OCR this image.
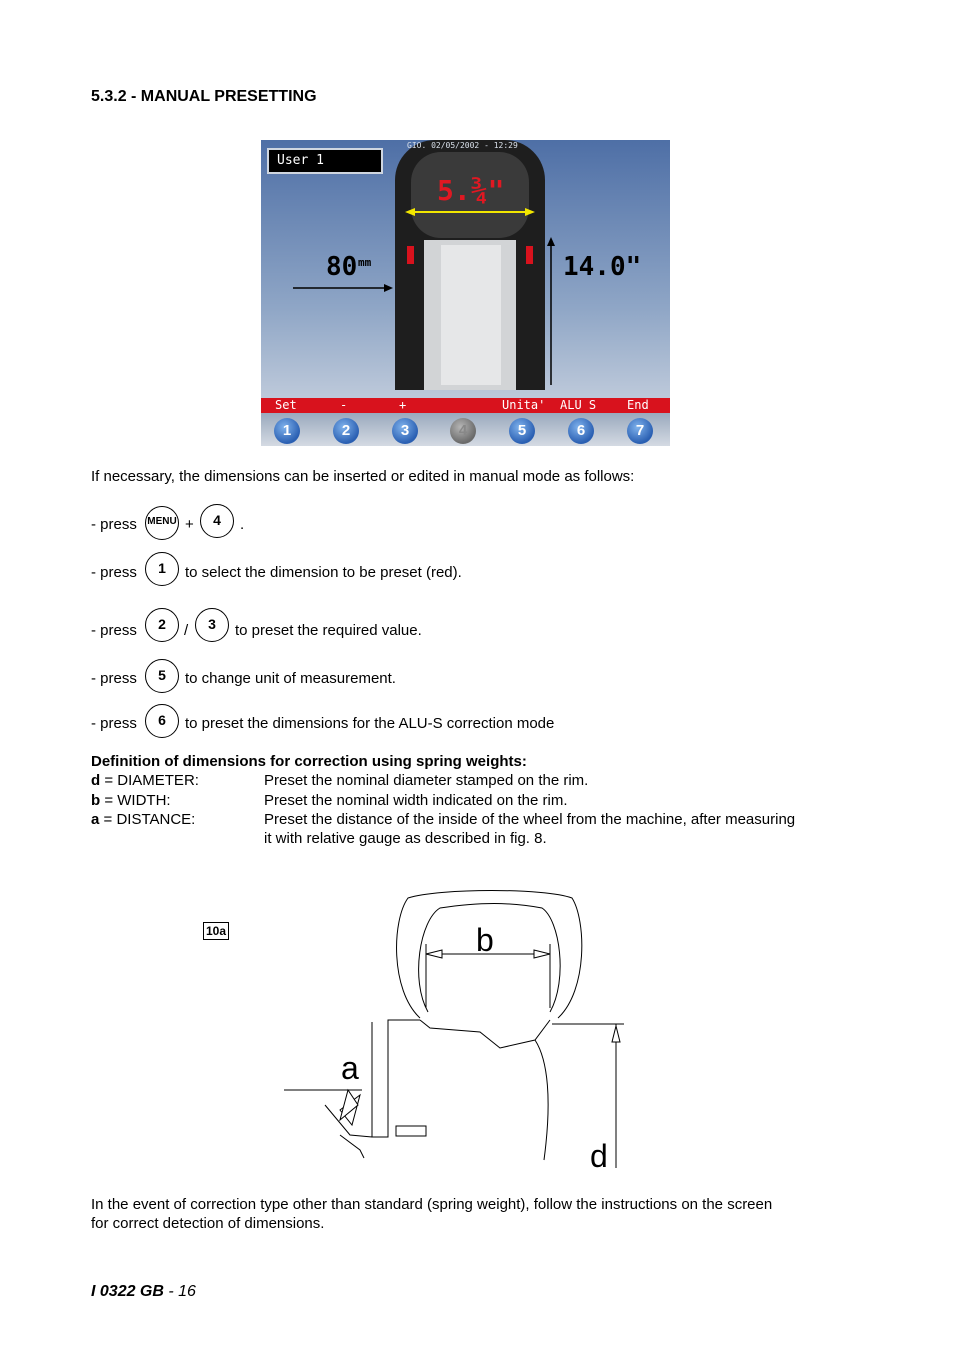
5.3.2 - MANUAL PRESETTING
User 1
GIO. 02/05/2002 - 12:29
5.¾"
80 mm	14.0"
Set	-	+	Unita' ALU S	End
1	2	3	4	5	6	7
If necessary, the dimensions can be inserted or edited in manual mode as follows:
- press MENU +	4	.
- press	1	to select the dimension to be preset (red).
- press	2	/	3	to preset the required value.
- press	5	to change unit of measurement.
- press	6	to preset the dimensions for the ALU-S correction mode
Definition of dimensions for correction using spring weights:
d = DIAMETER:	Preset the nominal diameter stamped on the rim.
b = WIDTH:	Preset the nominal width indicated on the rim.
a = DISTANCE:	Preset the distance of the inside of the wheel from the machine, after measuring
it with relative gauge as described in fig. 8.
10a	b
a
d
In the event of correction type other than standard (spring weight), follow the instructions on the screen
for correct detection of dimensions.
I 0322 GB - 16
